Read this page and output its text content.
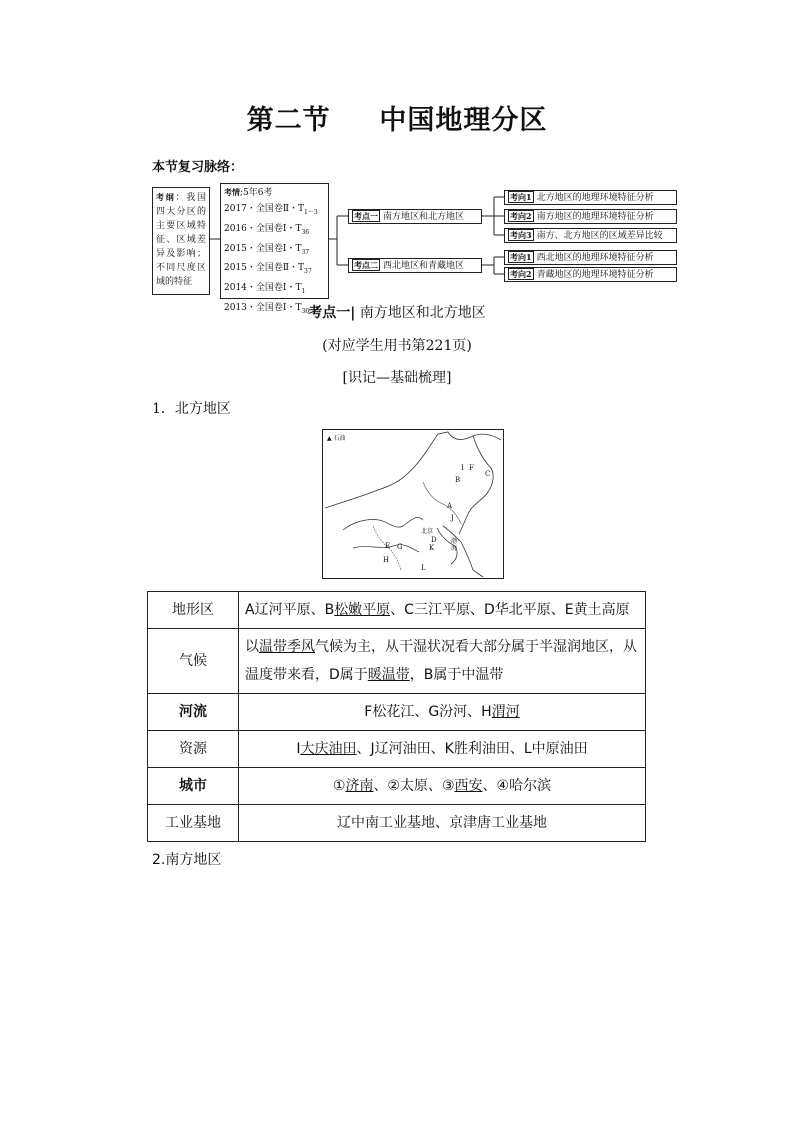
第二节 中国地理分区
本节复习脉络：
考纲：我国四大分区的主要区域特征、区域差异及影响；不同尺度区域的特征
考情;5年6考
2017・全国卷Ⅱ・$T_{1\sim 3}$
2016・全国卷Ⅰ・$T_{36}$
2015・全国卷Ⅰ・$T_{37}$
2015・全国卷Ⅱ・$T_{37}$
2014・全国卷Ⅰ・$T_1$
2013・全国卷Ⅰ・$T_{36}$
考点一 南方地区和北方地区
考点二 西北地区和青藏地区
考向1 北方地区的地理环境特征分析
考向2 南方地区的地理环境特征分析
考向3 南方、北方地区的区域差异比较
考向1 西北地区的地理环境特征分析
考向2 青藏地区的地理环境特征分析
考点一| 南方地区和北方地区
(对应学生用书第221页)
[识记—基础梳理]
1．北方地区
▲ 石油
北京
渤海
A
B
C
D
E
F
G
H
I
J
K
L
地形区	A辽河平原、B松嫩平原、C三江平原、D华北平原、E黄土高原
气候	以温带季风气候为主，从干湿状况看大部分属于半湿润地区，从温度带来看，D属于暖温带，B属于中温带
河流	F松花江、G汾河、H渭河
资源	I大庆油田、J辽河油田、K胜利油田、L中原油田
城市	①济南、②太原、③西安、④哈尔滨
工业基地	辽中南工业基地、京津唐工业基地
2.南方地区
